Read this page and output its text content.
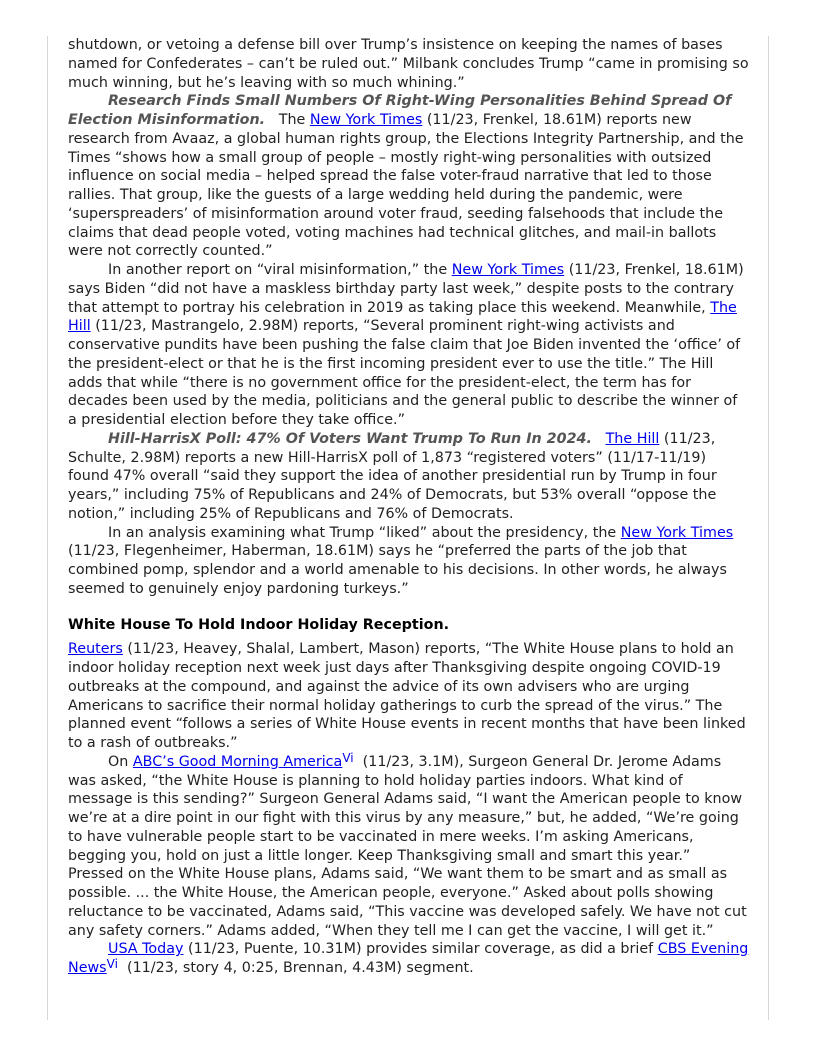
shutdown, or vetoing a defense bill over Trump’s insistence on keeping the names of bases named for Confederates – can’t be ruled out.” Milbank concludes Trump “came in promising so much winning, but he’s leaving with so much whining.”

Research Finds Small Numbers Of Right-Wing Personalities Behind Spread Of Election Misinformation.   The New York Times (11/23, Frenkel, 18.61M) reports new research from Avaaz, a global human rights group, the Elections Integrity Partnership, and the Times “shows how a small group of people – mostly right-wing personalities with outsized influence on social media – helped spread the false voter-fraud narrative that led to those rallies. That group, like the guests of a large wedding held during the pandemic, were ‘superspreaders’ of misinformation around voter fraud, seeding falsehoods that include the claims that dead people voted, voting machines had technical glitches, and mail-in ballots were not correctly counted.”

In another report on “viral misinformation,” the New York Times (11/23, Frenkel, 18.61M) says Biden “did not have a maskless birthday party last week,” despite posts to the contrary that attempt to portray his celebration in 2019 as taking place this weekend. Meanwhile, The Hill (11/23, Mastrangelo, 2.98M) reports, “Several prominent right-wing activists and conservative pundits have been pushing the false claim that Joe Biden invented the ‘office’ of the president-elect or that he is the first incoming president ever to use the title.” The Hill adds that while “there is no government office for the president-elect, the term has for decades been used by the media, politicians and the general public to describe the winner of a presidential election before they take office.”

Hill-HarrisX Poll: 47% Of Voters Want Trump To Run In 2024. The Hill (11/23, Schulte, 2.98M) reports a new Hill-HarrisX poll of 1,873 “registered voters” (11/17-11/19) found 47% overall “said they support the idea of another presidential run by Trump in four years,” including 75% of Republicans and 24% of Democrats, but 53% overall “oppose the notion,” including 25% of Republicans and 76% of Democrats.

In an analysis examining what Trump “liked” about the presidency, the New York Times (11/23, Flegenheimer, Haberman, 18.61M) says he “preferred the parts of the job that combined pomp, splendor and a world amenable to his decisions. In other words, he always seemed to genuinely enjoy pardoning turkeys.”

White House To Hold Indoor Holiday Reception.

Reuters (11/23, Heavey, Shalal, Lambert, Mason) reports, “The White House plans to hold an indoor holiday reception next week just days after Thanksgiving despite ongoing COVID-19 outbreaks at the compound, and against the advice of its own advisers who are urging Americans to sacrifice their normal holiday gatherings to curb the spread of the virus.” The planned event “follows a series of White House events in recent months that have been linked to a rash of outbreaks.”

On ABC’s Good Morning America$^{Vi}$  (11/23, 3.1M), Surgeon General Dr. Jerome Adams was asked, “the White House is planning to hold holiday parties indoors. What kind of message is this sending?” Surgeon General Adams said, “I want the American people to know we’re at a dire point in our fight with this virus by any measure,” but, he added, “We’re going to have vulnerable people start to be vaccinated in mere weeks. I’m asking Americans, begging you, hold on just a little longer. Keep Thanksgiving small and smart this year.” Pressed on the White House plans, Adams said, “We want them to be smart and as small as possible. ... the White House, the American people, everyone.” Asked about polls showing reluctance to be vaccinated, Adams said, “This vaccine was developed safely. We have not cut any safety corners.” Adams added, “When they tell me I can get the vaccine, I will get it.”

USA Today (11/23, Puente, 10.31M) provides similar coverage, as did a brief CBS Evening News$^{Vi}$  (11/23, story 4, 0:25, Brennan, 4.43M) segment.
